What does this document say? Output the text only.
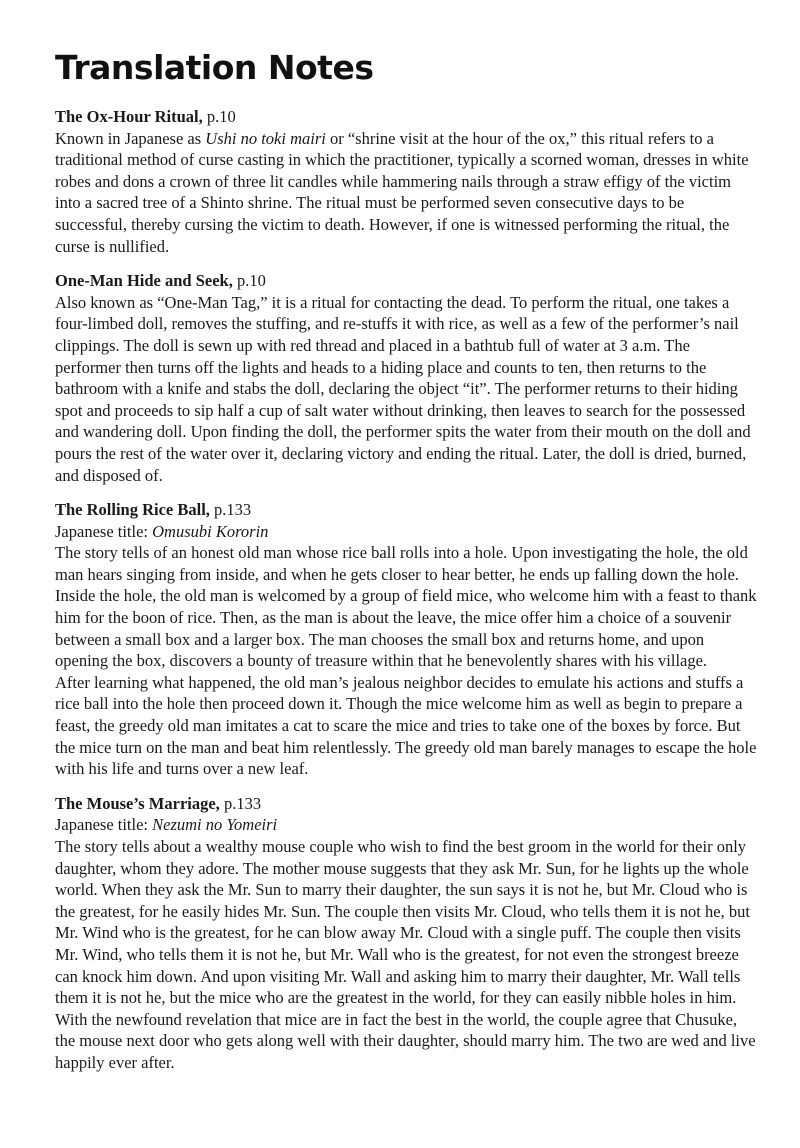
Translation Notes

The Ox-Hour Ritual, p.10

Known in Japanese as Ushi no toki mairi or “shrine visit at the hour of the ox,” this ritual refers to a traditional method of curse casting in which the practitioner, typically a scorned woman, dresses in white robes and dons a crown of three lit candles while hammering nails through a straw effigy of the victim into a sacred tree of a Shinto shrine. The ritual must be performed seven consecutive days to be successful, thereby cursing the victim to death. However, if one is witnessed performing the ritual, the curse is nullified.

One-Man Hide and Seek, p.10

Also known as “One-Man Tag,” it is a ritual for contacting the dead. To perform the ritual, one takes a four-limbed doll, removes the stuffing, and re-stuffs it with rice, as well as a few of the performer’s nail clippings. The doll is sewn up with red thread and placed in a bathtub full of water at 3 a.m. The performer then turns off the lights and heads to a hiding place and counts to ten, then returns to the bathroom with a knife and stabs the doll, declaring the object “it”. The performer returns to their hiding spot and proceeds to sip half a cup of salt water without drinking, then leaves to search for the possessed and wandering doll. Upon finding the doll, the performer spits the water from their mouth on the doll and pours the rest of the water over it, declaring victory and ending the ritual. Later, the doll is dried, burned, and disposed of.

The Rolling Rice Ball, p.133

Japanese title: Omusubi Kororin

The story tells of an honest old man whose rice ball rolls into a hole. Upon investigating the hole, the old man hears singing from inside, and when he gets closer to hear better, he ends up falling down the hole. Inside the hole, the old man is welcomed by a group of field mice, who welcome him with a feast to thank him for the boon of rice. Then, as the man is about the leave, the mice offer him a choice of a souvenir between a small box and a larger box. The man chooses the small box and returns home, and upon opening the box, discovers a bounty of treasure within that he benevolently shares with his village.

After learning what happened, the old man’s jealous neighbor decides to emulate his actions and stuffs a rice ball into the hole then proceed down it. Though the mice welcome him as well as begin to prepare a feast, the greedy old man imitates a cat to scare the mice and tries to take one of the boxes by force. But the mice turn on the man and beat him relentlessly. The greedy old man barely manages to escape the hole with his life and turns over a new leaf.

The Mouse’s Marriage, p.133

Japanese title: Nezumi no Yomeiri

The story tells about a wealthy mouse couple who wish to find the best groom in the world for their only daughter, whom they adore. The mother mouse suggests that they ask Mr. Sun, for he lights up the whole world. When they ask the Mr. Sun to marry their daughter, the sun says it is not he, but Mr. Cloud who is the greatest, for he easily hides Mr. Sun. The couple then visits Mr. Cloud, who tells them it is not he, but Mr. Wind who is the greatest, for he can blow away Mr. Cloud with a single puff. The couple then visits Mr. Wind, who tells them it is not he, but Mr. Wall who is the greatest, for not even the strongest breeze can knock him down. And upon visiting Mr. Wall and asking him to marry their daughter, Mr. Wall tells them it is not he, but the mice who are the greatest in the world, for they can easily nibble holes in him.

With the newfound revelation that mice are in fact the best in the world, the couple agree that Chusuke, the mouse next door who gets along well with their daughter, should marry him. The two are wed and live happily ever after.
